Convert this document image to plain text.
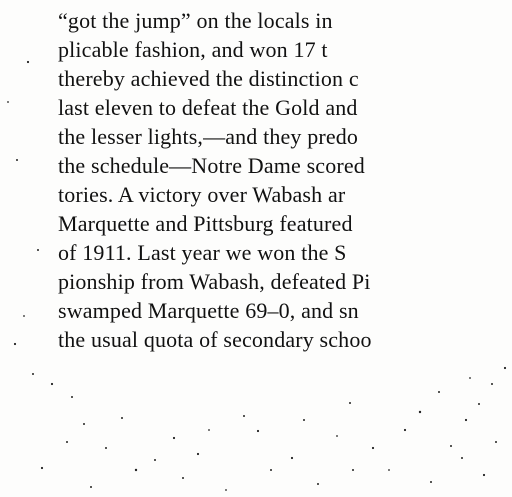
“got the jump” on the locals in
plicable fashion, and won 17 t
thereby achieved the distinction c
last eleven to defeat the Gold and
the lesser lights,—and they predo
the schedule—Notre Dame scored
tories. A victory over Wabash ar
Marquette and Pittsburg featured
of 1911. Last year we won the S
pionship from Wabash, defeated Pi
swamped Marquette 69–0, and sn
the usual quota of secondary schoo
